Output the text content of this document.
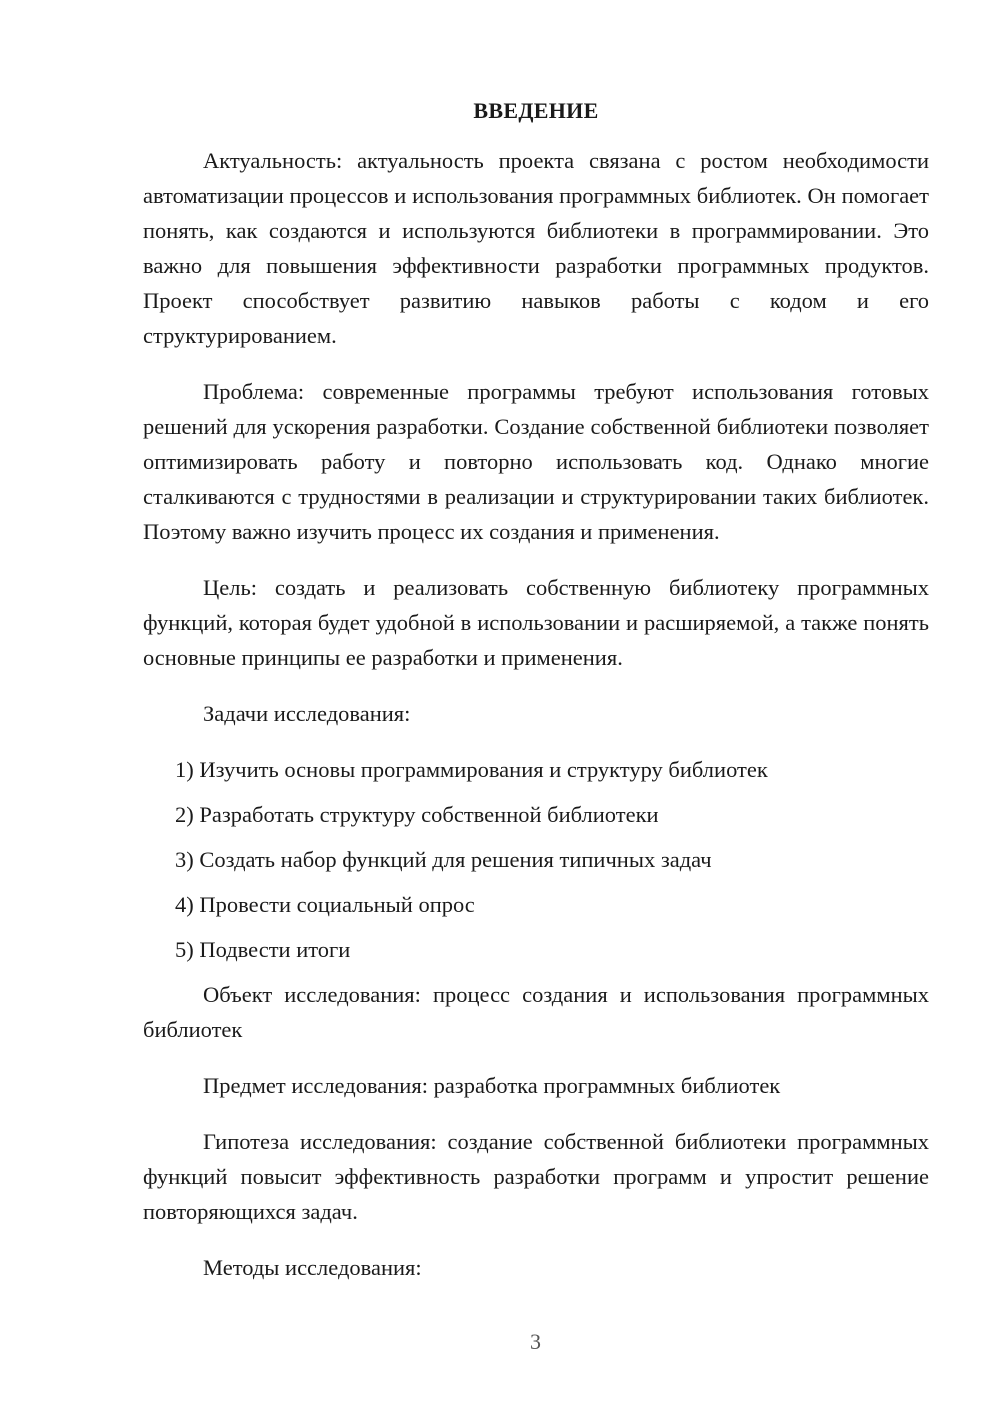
ВВЕДЕНИЕ

Актуальность: актуальность проекта связана с ростом необходимости автоматизации процессов и использования программных библиотек. Он помогает понять, как создаются и используются библиотеки в программировании. Это важно для повышения эффективности разработки программных продуктов. Проект способствует развитию навыков работы с кодом и его структурированием.

Проблема: современные программы требуют использования готовых решений для ускорения разработки. Создание собственной библиотеки позволяет оптимизировать работу и повторно использовать код. Однако многие сталкиваются с трудностями в реализации и структурировании таких библиотек. Поэтому важно изучить процесс их создания и применения.

Цель: создать и реализовать собственную библиотеку программных функций, которая будет удобной в использовании и расширяемой, а также понять основные принципы ее разработки и применения.

Задачи исследования:

1) Изучить основы программирования и структуру библиотек
2) Разработать структуру собственной библиотеки
3) Создать набор функций для решения типичных задач
4) Провести социальный опрос
5) Подвести итоги

Объект исследования: процесс создания и использования программных библиотек

Предмет исследования: разработка программных библиотек

Гипотеза исследования: создание собственной библиотеки программных функций повысит эффективность разработки программ и упростит решение повторяющихся задач.

Методы исследования:

3
